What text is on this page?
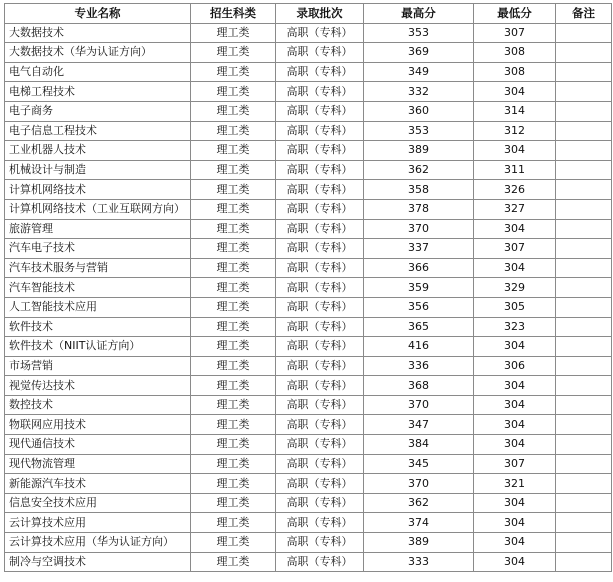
专业名称	招生科类	录取批次	最高分	最低分	备注
大数据技术	理工类	高职（专科）	353	307	
大数据技术（华为认证方向）	理工类	高职（专科）	369	308	
电气自动化	理工类	高职（专科）	349	308	
电梯工程技术	理工类	高职（专科）	332	304	
电子商务	理工类	高职（专科）	360	314	
电子信息工程技术	理工类	高职（专科）	353	312	
工业机器人技术	理工类	高职（专科）	389	304	
机械设计与制造	理工类	高职（专科）	362	311	
计算机网络技术	理工类	高职（专科）	358	326	
计算机网络技术（工业互联网方向）	理工类	高职（专科）	378	327	
旅游管理	理工类	高职（专科）	370	304	
汽车电子技术	理工类	高职（专科）	337	307	
汽车技术服务与营销	理工类	高职（专科）	366	304	
汽车智能技术	理工类	高职（专科）	359	329	
人工智能技术应用	理工类	高职（专科）	356	305	
软件技术	理工类	高职（专科）	365	323	
软件技术（NIIT认证方向）	理工类	高职（专科）	416	304	
市场营销	理工类	高职（专科）	336	306	
视觉传达技术	理工类	高职（专科）	368	304	
数控技术	理工类	高职（专科）	370	304	
物联网应用技术	理工类	高职（专科）	347	304	
现代通信技术	理工类	高职（专科）	384	304	
现代物流管理	理工类	高职（专科）	345	307	
新能源汽车技术	理工类	高职（专科）	370	321	
信息安全技术应用	理工类	高职（专科）	362	304	
云计算技术应用	理工类	高职（专科）	374	304	
云计算技术应用（华为认证方向）	理工类	高职（专科）	389	304	
制冷与空调技术	理工类	高职（专科）	333	304	
